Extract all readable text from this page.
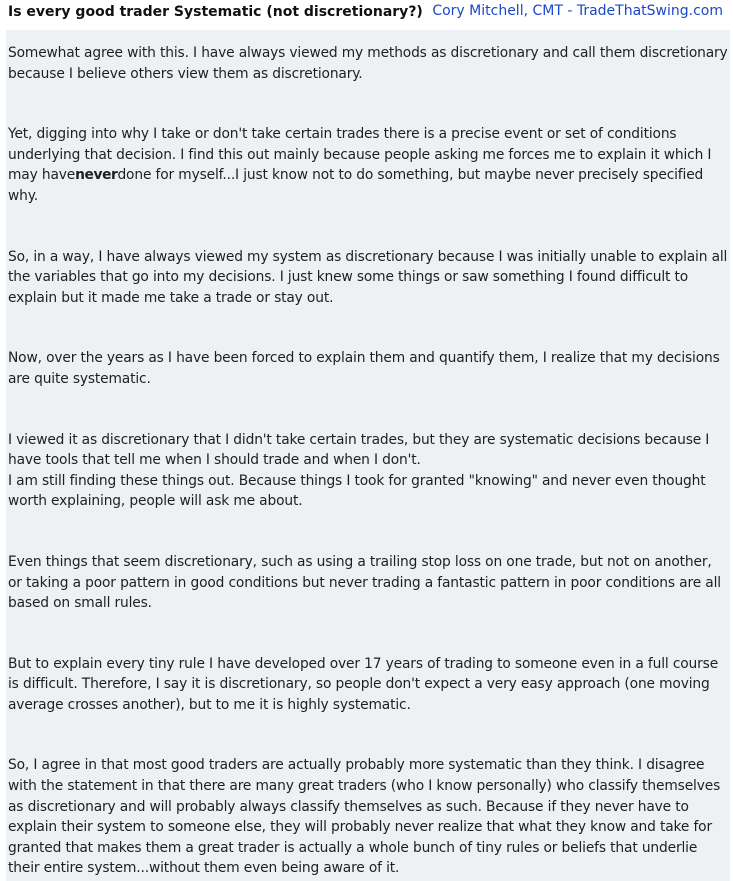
Is every good trader Systematic (not discretionary?) Cory Mitchell, CMT - TradeThatSwing.com

Somewhat agree with this. I have always viewed my methods as discretionary and call them discretionary because I believe others view them as discretionary.

Yet, digging into why I take or don't take certain trades there is a precise event or set of conditions underlying that decision. I find this out mainly because people asking me forces me to explain it which I may haveneverdone for myself...I just know not to do something, but maybe never precisely specified why.

So, in a way, I have always viewed my system as discretionary because I was initially unable to explain all the variables that go into my decisions. I just knew some things or saw something I found difficult to explain but it made me take a trade or stay out.

Now, over the years as I have been forced to explain them and quantify them, I realize that my decisions are quite systematic.

I viewed it as discretionary that I didn't take certain trades, but they are systematic decisions because I have tools that tell me when I should trade and when I don't.

I am still finding these things out. Because things I took for granted "knowing" and never even thought worth explaining, people will ask me about.

Even things that seem discretionary, such as using a trailing stop loss on one trade, but not on another, or taking a poor pattern in good conditions but never trading a fantastic pattern in poor conditions are all based on small rules.

But to explain every tiny rule I have developed over 17 years of trading to someone even in a full course is difficult. Therefore, I say it is discretionary, so people don't expect a very easy approach (one moving average crosses another), but to me it is highly systematic.

So, I agree in that most good traders are actually probably more systematic than they think. I disagree with the statement in that there are many great traders (who I know personally) who classify themselves as discretionary and will probably always classify themselves as such. Because if they never have to explain their system to someone else, they will probably never realize that what they know and take for granted that makes them a great trader is actually a whole bunch of tiny rules or beliefs that underlie their entire system...without them even being aware of it.
